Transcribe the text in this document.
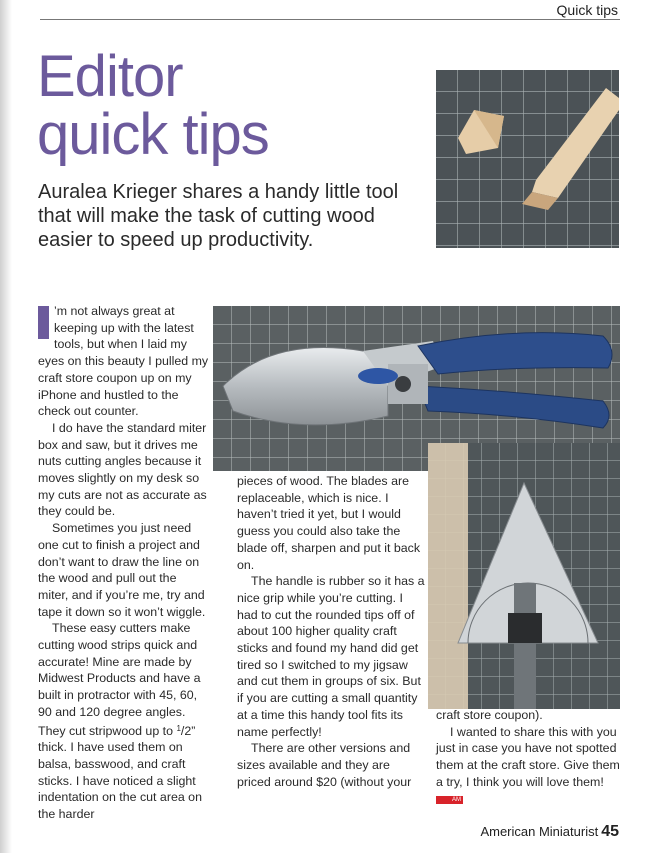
Quick tips
Editor
quick tips

Auralea Krieger shares a handy little tool that will make the task of cutting wood easier to speed up productivity.

’m not always great at keeping up with the latest tools, but when I laid my eyes on this beauty I pulled my craft store coupon up on my iPhone and hustled to the check out counter.

I do have the standard miter box and saw, but it drives me nuts cutting angles because it moves slightly on my desk so my cuts are not as accurate as they could be.

Sometimes you just need one cut to finish a project and don’t want to draw the line on the wood and pull out the miter, and if you’re me, try and tape it down so it won’t wiggle.

These easy cutters make cutting wood strips quick and accurate! Mine are made by Midwest Products and have a built in protractor with 45, 60, 90 and 120 degree angles. They cut stripwood up to $^1$/2” thick. I have used them on balsa, basswood, and craft sticks. I have noticed a slight indentation on the cut area on the harder

pieces of wood. The blades are replaceable, which is nice. I haven’t tried it yet, but I would guess you could also take the blade off, sharpen and put it back on.

The handle is rubber so it has a nice grip while you’re cutting. I had to cut the rounded tips off of about 100 higher quality craft sticks and found my hand did get tired so I switched to my jigsaw and cut them in groups of six. But if you are cutting a small quantity at a time this handy tool fits its name perfectly!

There are other versions and sizes available and they are priced around $20 (without your

craft store coupon).

I wanted to share this with you just in case you have not spotted them at the craft store. Give them a try, I think you will love them! AM

American Miniaturist 45
